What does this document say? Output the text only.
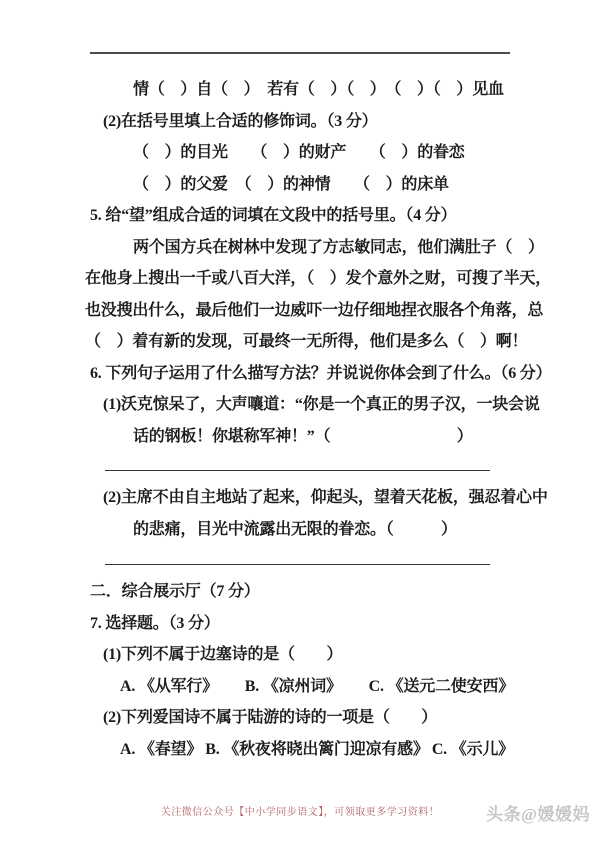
情（　）自（　）　若有（　）（　）　（　）（　）见血
(2)在括号里填上合适的修饰词。（3 分）
（　）的目光　　（　）的财产　　（　）的眷恋
（　）的父爱　（　）的神情　　（　）的床单
5. 给“望”组成合适的词填在文段中的括号里。（4 分）
两个国方兵在树林中发现了方志敏同志，他们满肚子（　）
在他身上搜出一千或八百大洋，（　）发个意外之财，可搜了半天，
也没搜出什么，最后他们一边威吓一边仔细地捏衣服各个角落，总
（　）着有新的发现，可最终一无所得，他们是多么（　）啊！
6. 下列句子运用了什么描写方法？并说说你体会到了什么。（6 分）
(1)沃克惊呆了，大声嚷道：“你是一个真正的男子汉，一块会说
话的钢板！你堪称军神！”（　　　　　　　　）
(2)主席不由自主地站了起来，仰起头，望着天花板，强忍着心中
的悲痛，目光中流露出无限的眷恋。（　　　）
二．综合展示厅（7 分）
7. 选择题。（3 分）
(1)下列不属于边塞诗的是（　　）
A. 《从军行》 B. 《凉州词》 C. 《送元二使安西》
(2)下列爱国诗不属于陆游的诗的一项是（　　）
A. 《春望》 B. 《秋夜将晓出篱门迎凉有感》 C. 《示儿》
关注微信公众号【中小学同步语文】，可领取更多学习资料！	头条@媛媛妈
